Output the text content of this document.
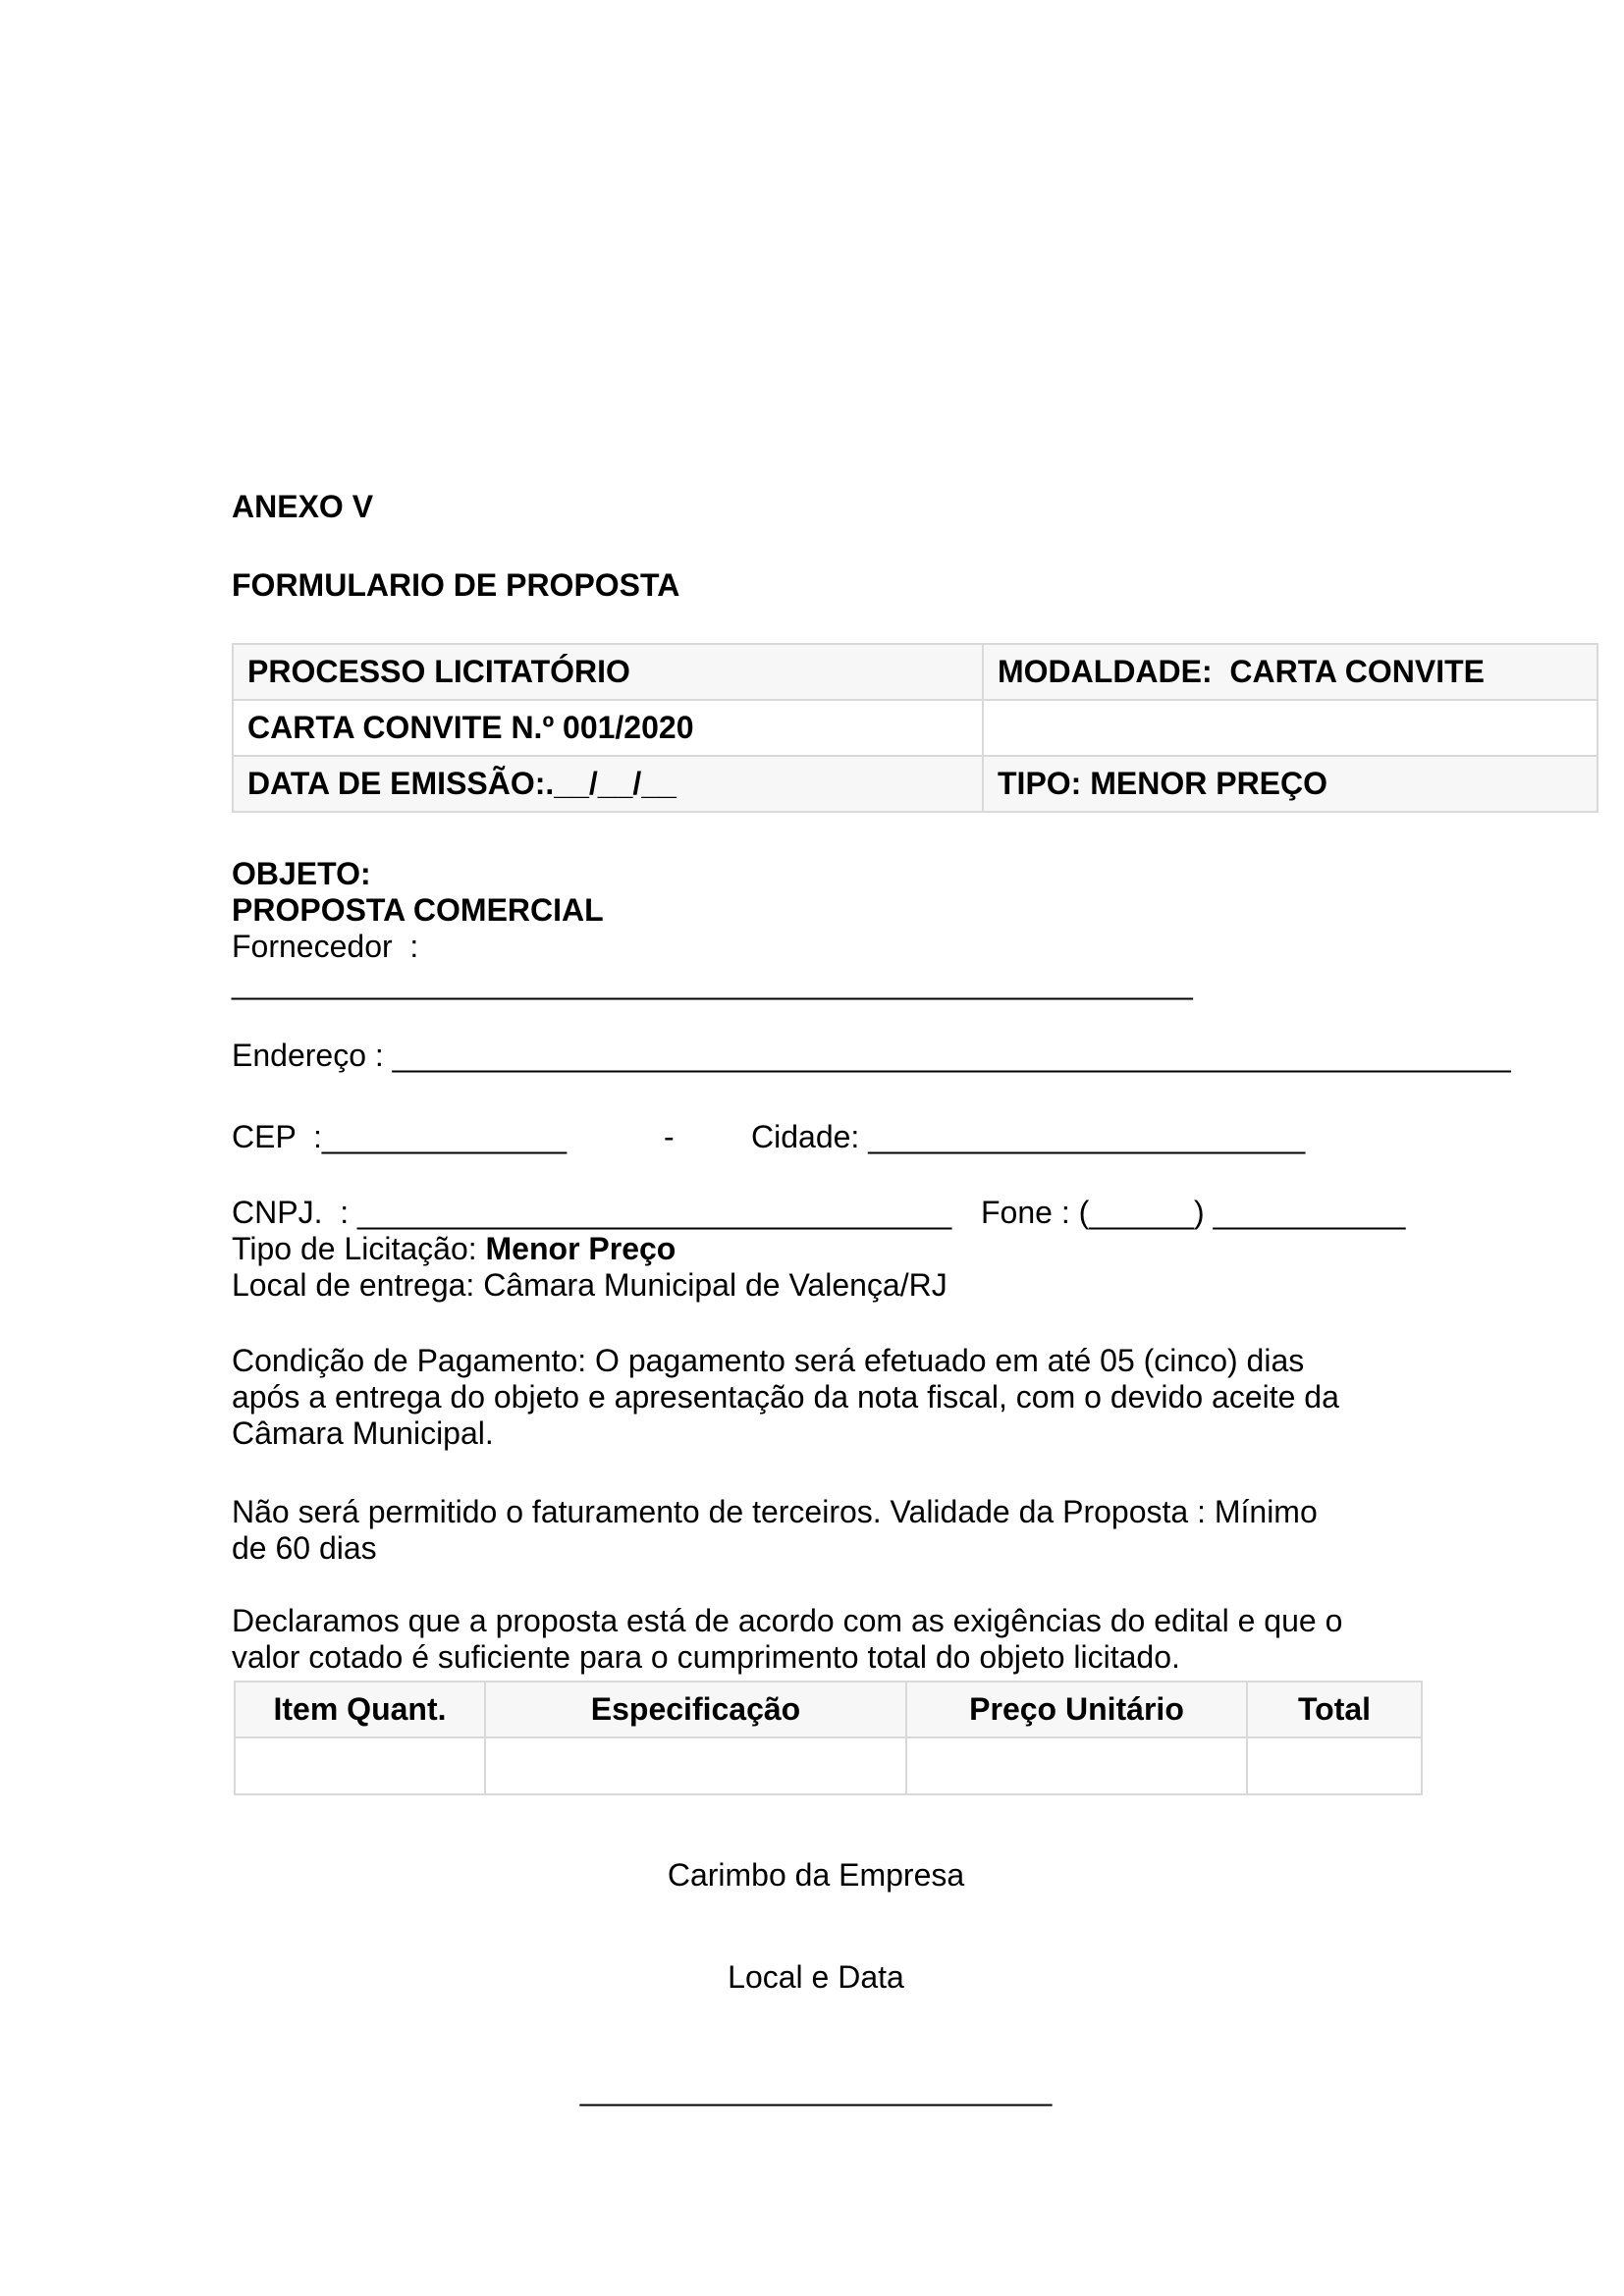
ANEXO V
FORMULARIO DE PROPOSTA
PROCESSO LICITATÓRIO	MODALDADE:  CARTA CONVITE
CARTA CONVITE N.º 001/2020	
DATA DE EMISSÃO:.__/__/__	TIPO: MENOR PREÇO
OBJETO:
PROPOSTA COMERCIAL
Fornecedor  :
_______________________________________________________
Endereço : ________________________________________________________________
CEP  :______________	- Cidade: _________________________
CNPJ.  : __________________________________ Fone : (______) ___________
Tipo de Licitação: Menor Preço
Local de entrega: Câmara Municipal de Valença/RJ
Condição de Pagamento: O pagamento será efetuado em até 05 (cinco) dias
após a entrega do objeto e apresentação da nota fiscal, com o devido aceite da
Câmara Municipal.
Não será permitido o faturamento de terceiros. Validade da Proposta : Mínimo
de 60 dias
Declaramos que a proposta está de acordo com as exigências do edital e que o
valor cotado é suficiente para o cumprimento total do objeto licitado.
Item Quant.	Especificação	Preço Unitário	Total

Carimbo da Empresa
Local e Data
___________________________
